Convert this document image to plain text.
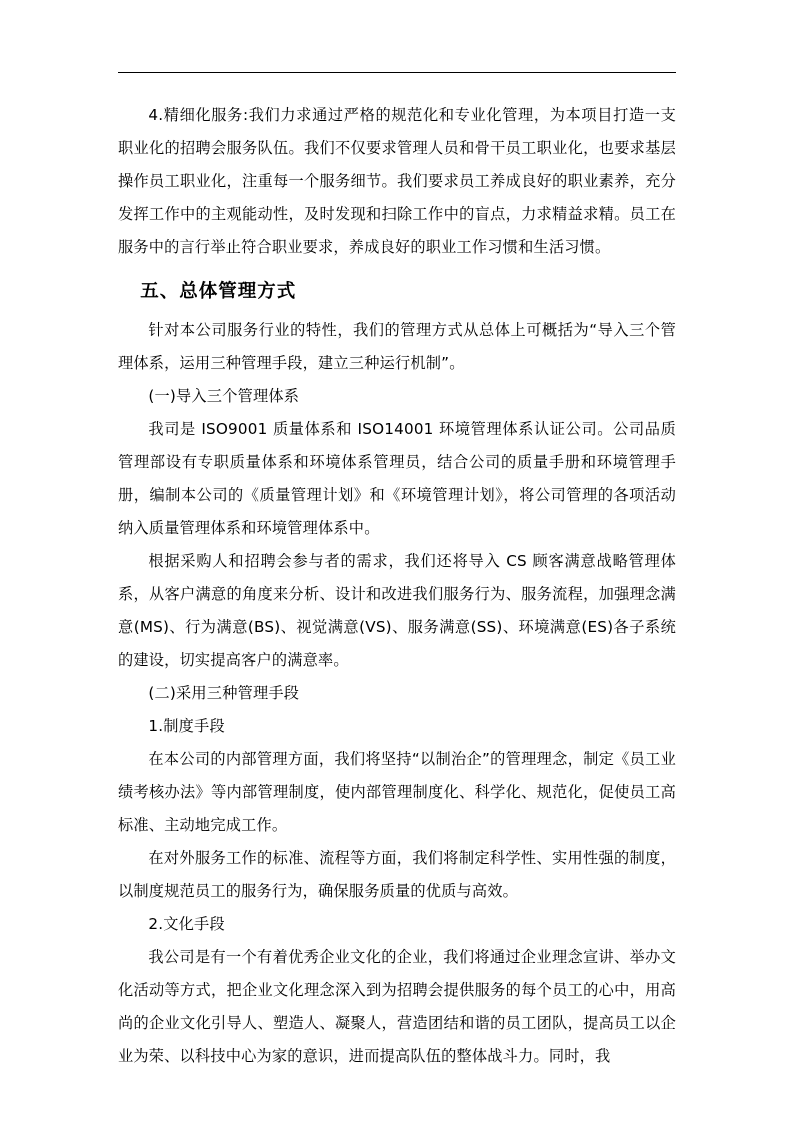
4.精细化服务:我们力求通过严格的规范化和专业化管理，为本项目打造一支职业化的招聘会服务队伍。我们不仅要求管理人员和骨干员工职业化，也要求基层操作员工职业化，注重每一个服务细节。我们要求员工养成良好的职业素养，充分发挥工作中的主观能动性，及时发现和扫除工作中的盲点，力求精益求精。员工在服务中的言行举止符合职业要求，养成良好的职业工作习惯和生活习惯。

五、总体管理方式

针对本公司服务行业的特性，我们的管理方式从总体上可概括为“导入三个管理体系，运用三种管理手段，建立三种运行机制”。

(一)导入三个管理体系

我司是 ISO9001 质量体系和 ISO14001 环境管理体系认证公司。公司品质管理部设有专职质量体系和环境体系管理员，结合公司的质量手册和环境管理手册，编制本公司的《质量管理计划》和《环境管理计划》，将公司管理的各项活动纳入质量管理体系和环境管理体系中。

根据采购人和招聘会参与者的需求，我们还将导入 CS 顾客满意战略管理体系，从客户满意的角度来分析、设计和改进我们服务行为、服务流程，加强理念满意(MS)、行为满意(BS)、视觉满意(VS)、服务满意(SS)、环境满意(ES)各子系统的建设，切实提高客户的满意率。

(二)采用三种管理手段

1.制度手段

在本公司的内部管理方面，我们将坚持“以制治企”的管理理念，制定《员工业绩考核办法》等内部管理制度，使内部管理制度化、科学化、规范化，促使员工高标准、主动地完成工作。

在对外服务工作的标准、流程等方面，我们将制定科学性、实用性强的制度，以制度规范员工的服务行为，确保服务质量的优质与高效。

2.文化手段

我公司是有一个有着优秀企业文化的企业，我们将通过企业理念宣讲、举办文化活动等方式，把企业文化理念深入到为招聘会提供服务的每个员工的心中，用高尚的企业文化引导人、塑造人、凝聚人，营造团结和谐的员工团队，提高员工以企业为荣、以科技中心为家的意识，进而提高队伍的整体战斗力。同时，我
